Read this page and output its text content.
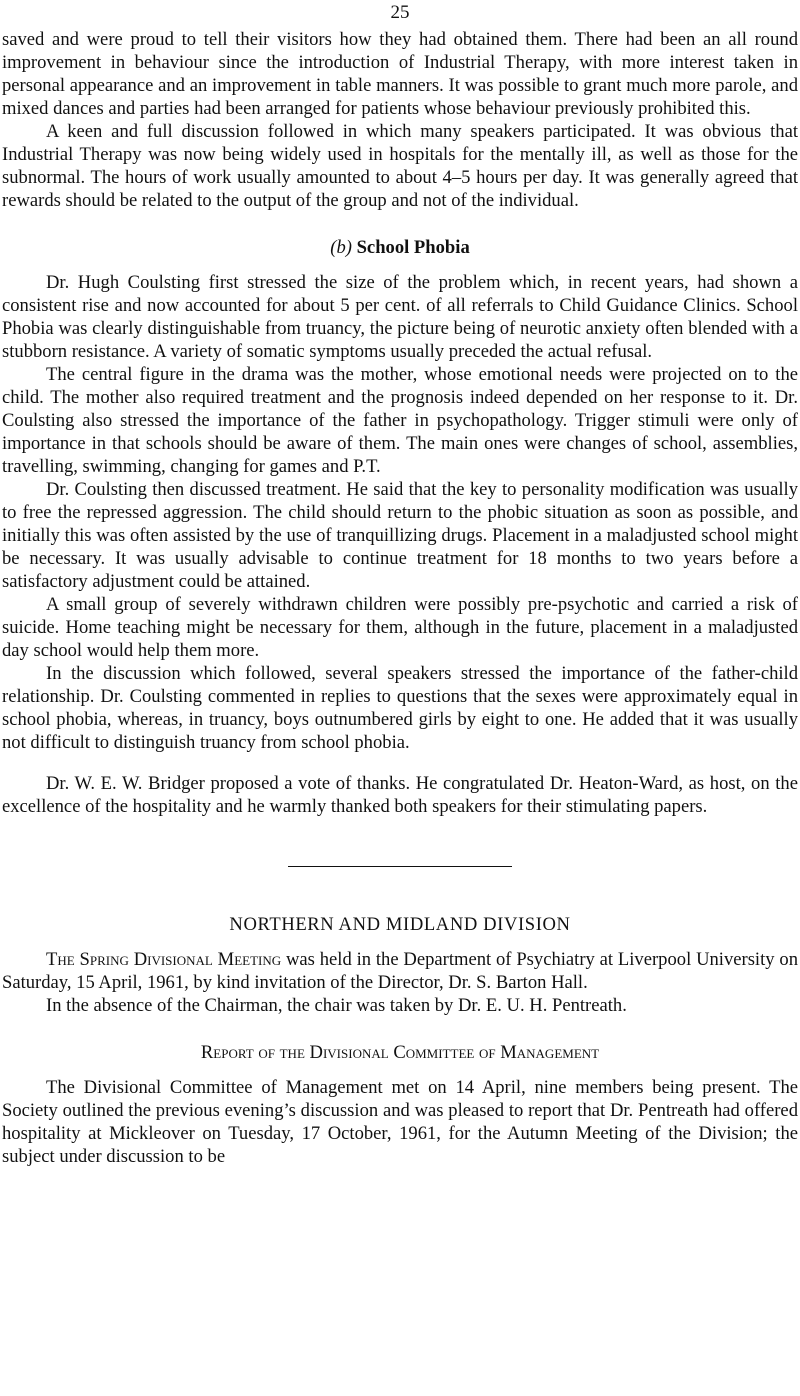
25

saved and were proud to tell their visitors how they had obtained them. There had been an all round improvement in behaviour since the introduction of Industrial Therapy, with more interest taken in personal appearance and an improvement in table manners. It was possible to grant much more parole, and mixed dances and parties had been arranged for patients whose behaviour previously prohibited this.

A keen and full discussion followed in which many speakers participated. It was obvious that Industrial Therapy was now being widely used in hospitals for the mentally ill, as well as those for the subnormal. The hours of work usually amounted to about 4–5 hours per day. It was generally agreed that rewards should be related to the output of the group and not of the individual.

(b) School Phobia

Dr. Hugh Coulsting first stressed the size of the problem which, in recent years, had shown a consistent rise and now accounted for about 5 per cent. of all referrals to Child Guidance Clinics. School Phobia was clearly distinguishable from truancy, the picture being of neurotic anxiety often blended with a stubborn resistance. A variety of somatic symptoms usually preceded the actual refusal.

The central figure in the drama was the mother, whose emotional needs were projected on to the child. The mother also required treatment and the prognosis indeed depended on her response to it. Dr. Coulsting also stressed the importance of the father in psychopathology. Trigger stimuli were only of importance in that schools should be aware of them. The main ones were changes of school, assemblies, travelling, swimming, changing for games and P.T.

Dr. Coulsting then discussed treatment. He said that the key to personality modification was usually to free the repressed aggression. The child should return to the phobic situation as soon as possible, and initially this was often assisted by the use of tranquillizing drugs. Placement in a maladjusted school might be necessary. It was usually advisable to continue treatment for 18 months to two years before a satisfactory adjustment could be attained.

A small group of severely withdrawn children were possibly pre-psychotic and carried a risk of suicide. Home teaching might be necessary for them, although in the future, placement in a maladjusted day school would help them more.

In the discussion which followed, several speakers stressed the importance of the father-child relationship. Dr. Coulsting commented in replies to questions that the sexes were approximately equal in school phobia, whereas, in truancy, boys outnumbered girls by eight to one. He added that it was usually not difficult to distinguish truancy from school phobia.

Dr. W. E. W. Bridger proposed a vote of thanks. He congratulated Dr. Heaton-Ward, as host, on the excellence of the hospitality and he warmly thanked both speakers for their stimulating papers.

NORTHERN AND MIDLAND DIVISION

The Spring Divisional Meeting was held in the Department of Psychiatry at Liverpool University on Saturday, 15 April, 1961, by kind invitation of the Director, Dr. S. Barton Hall.

In the absence of the Chairman, the chair was taken by Dr. E. U. H. Pentreath.

Report of the Divisional Committee of Management

The Divisional Committee of Management met on 14 April, nine members being present. The Society outlined the previous evening’s discussion and was pleased to report that Dr. Pentreath had offered hospitality at Mickleover on Tuesday, 17 October, 1961, for the Autumn Meeting of the Division; the subject under discussion to be
